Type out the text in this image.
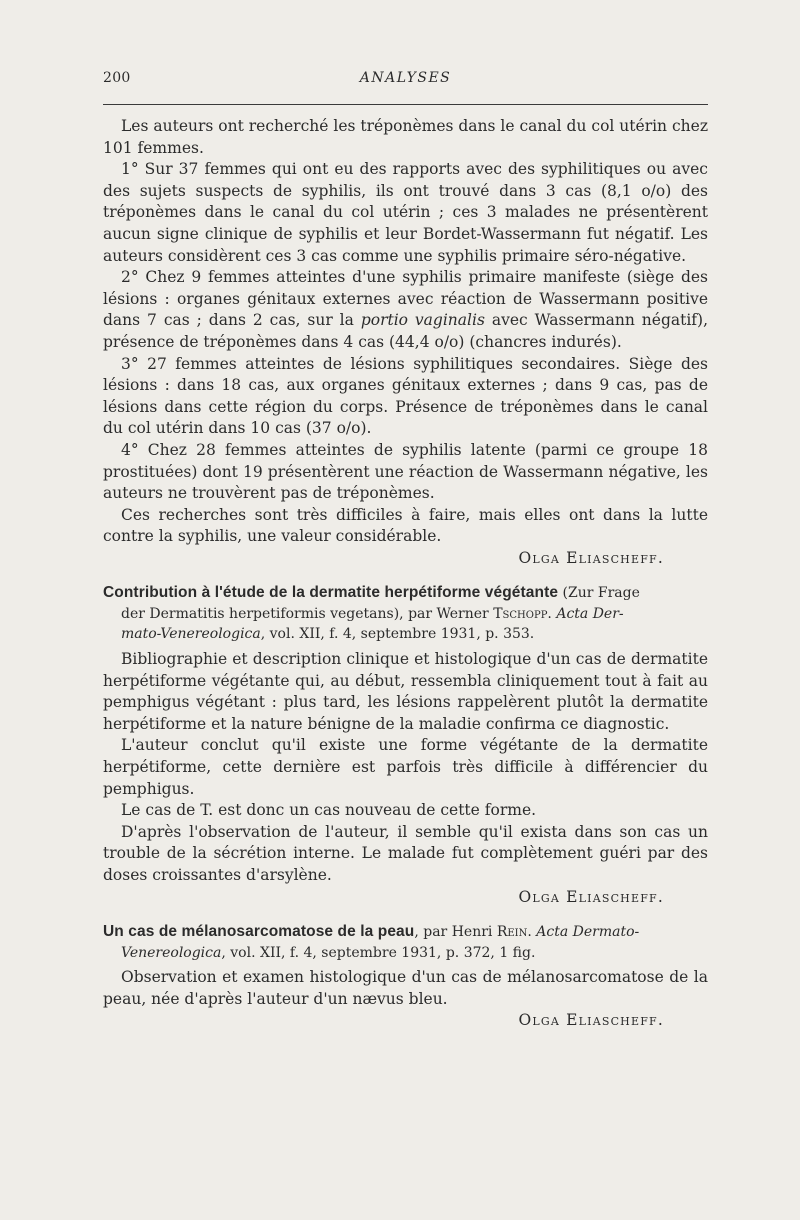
200	ANALYSES

Les auteurs ont recherché les tréponèmes dans le canal du col utérin chez 101 femmes.

1° Sur 37 femmes qui ont eu des rapports avec des syphilitiques ou avec des sujets suspects de syphilis, ils ont trouvé dans 3 cas (8,1 o/o) des tréponèmes dans le canal du col utérin ; ces 3 malades ne présentèrent aucun signe clinique de syphilis et leur Bordet-Wassermann fut négatif. Les auteurs considèrent ces 3 cas comme une syphilis primaire séro-négative.

2° Chez 9 femmes atteintes d'une syphilis primaire manifeste (siège des lésions : organes génitaux externes avec réaction de Wassermann positive dans 7 cas ; dans 2 cas, sur la portio vaginalis avec Wassermann négatif), présence de tréponèmes dans 4 cas (44,4 o/o) (chancres indurés).

3° 27 femmes atteintes de lésions syphilitiques secondaires. Siège des lésions : dans 18 cas, aux organes génitaux externes ; dans 9 cas, pas de lésions dans cette région du corps. Présence de tréponèmes dans le canal du col utérin dans 10 cas (37 o/o).

4° Chez 28 femmes atteintes de syphilis latente (parmi ce groupe 18 prostituées) dont 19 présentèrent une réaction de Wassermann négative, les auteurs ne trouvèrent pas de tréponèmes.

Ces recherches sont très difficiles à faire, mais elles ont dans la lutte contre la syphilis, une valeur considérable.

Olga Eliascheff.

Contribution à l'étude de la dermatite herpétiforme végétante (Zur Frage
der Dermatitis herpetiformis vegetans), par Werner Tschopp. Acta Der-
mato-Venereologica, vol. XII, f. 4, septembre 1931, p. 353.

Bibliographie et description clinique et histologique d'un cas de dermatite herpétiforme végétante qui, au début, ressembla cliniquement tout à fait au pemphigus végétant : plus tard, les lésions rappelèrent plutôt la dermatite herpétiforme et la nature bénigne de la maladie confirma ce diagnostic.

L'auteur conclut qu'il existe une forme végétante de la dermatite herpétiforme, cette dernière est parfois très difficile à différencier du pemphigus.

Le cas de T. est donc un cas nouveau de cette forme.

D'après l'observation de l'auteur, il semble qu'il exista dans son cas un trouble de la sécrétion interne. Le malade fut complètement guéri par des doses croissantes d'arsylène.

Olga Eliascheff.

Un cas de mélanosarcomatose de la peau, par Henri Rein. Acta Dermato-
Venereologica, vol. XII, f. 4, septembre 1931, p. 372, 1 fig.

Observation et examen histologique d'un cas de mélanosarcomatose de la peau, née d'après l'auteur d'un nævus bleu.

Olga Eliascheff.
